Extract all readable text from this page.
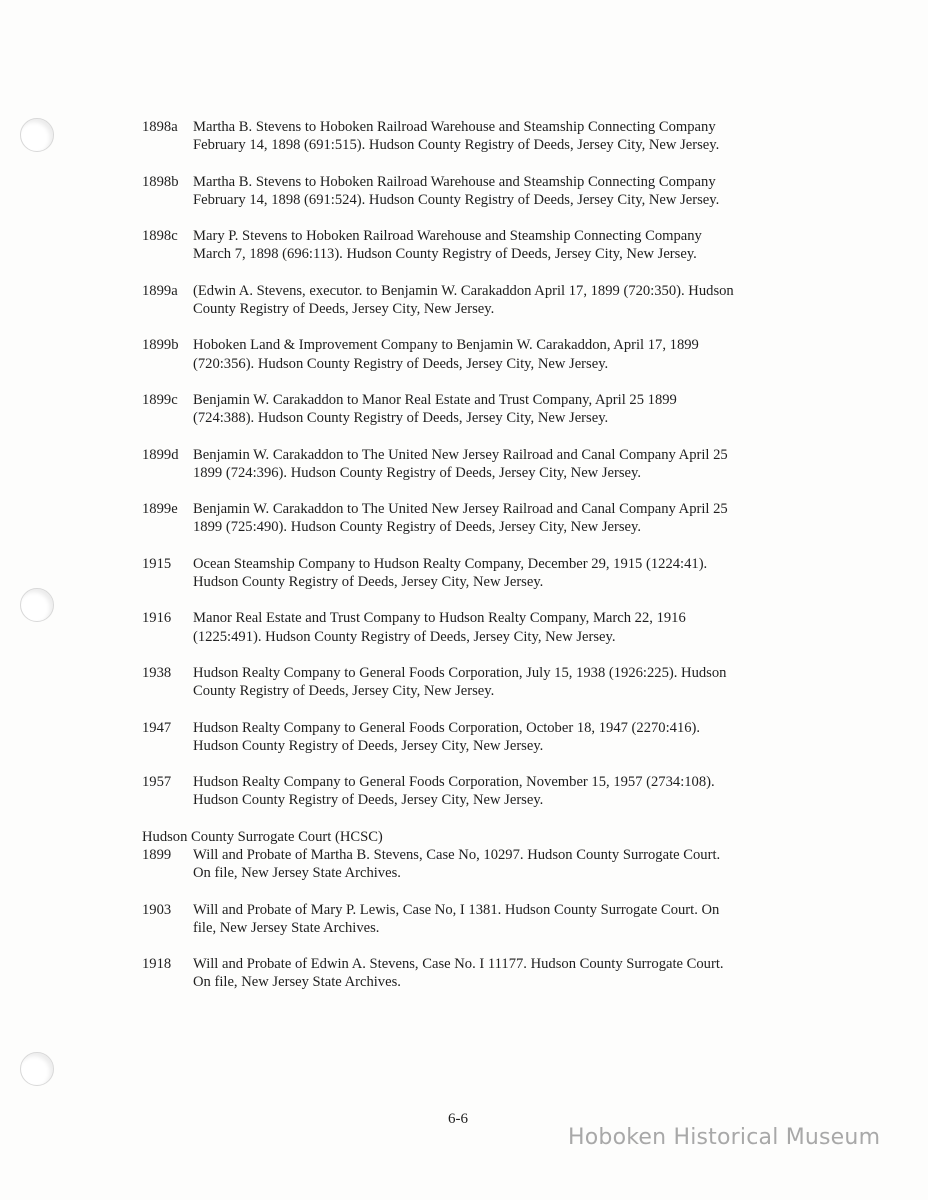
1898a	Martha B. Stevens to Hoboken Railroad Warehouse and Steamship Connecting Company
February 14, 1898 (691:515). Hudson County Registry of Deeds, Jersey City, New Jersey.
1898b Martha B. Stevens to Hoboken Railroad Warehouse and Steamship Connecting Company
February 14, 1898 (691:524). Hudson County Registry of Deeds, Jersey City, New Jersey.
1898c	Mary P. Stevens to Hoboken Railroad Warehouse and Steamship Connecting Company
March 7, 1898 (696:113). Hudson County Registry of Deeds, Jersey City, New Jersey.
1899a	(Edwin A. Stevens, executor. to Benjamin W. Carakaddon April 17, 1899 (720:350). Hudson
County Registry of Deeds, Jersey City, New Jersey.
1899b Hoboken Land & Improvement Company to Benjamin W. Carakaddon, April 17, 1899
(720:356). Hudson County Registry of Deeds, Jersey City, New Jersey.
1899c	Benjamin W. Carakaddon to Manor Real Estate and Trust Company, April 25 1899
(724:388). Hudson County Registry of Deeds, Jersey City, New Jersey.
1899d Benjamin W. Carakaddon to The United New Jersey Railroad and Canal Company April 25
1899 (724:396). Hudson County Registry of Deeds, Jersey City, New Jersey.
1899e	Benjamin W. Carakaddon to The United New Jersey Railroad and Canal Company April 25
1899 (725:490). Hudson County Registry of Deeds, Jersey City, New Jersey.
1915	Ocean Steamship Company to Hudson Realty Company, December 29, 1915 (1224:41).
Hudson County Registry of Deeds, Jersey City, New Jersey.
1916	Manor Real Estate and Trust Company to Hudson Realty Company, March 22, 1916
(1225:491). Hudson County Registry of Deeds, Jersey City, New Jersey.
1938	Hudson Realty Company to General Foods Corporation, July 15, 1938 (1926:225). Hudson
County Registry of Deeds, Jersey City, New Jersey.
1947	Hudson Realty Company to General Foods Corporation, October 18, 1947 (2270:416).
Hudson County Registry of Deeds, Jersey City, New Jersey.
1957	Hudson Realty Company to General Foods Corporation, November 15, 1957 (2734:108).
Hudson County Registry of Deeds, Jersey City, New Jersey.
Hudson County Surrogate Court (HCSC)
1899	Will and Probate of Martha B. Stevens, Case No, 10297. Hudson County Surrogate Court.
On file, New Jersey State Archives.
1903	Will and Probate of Mary P. Lewis, Case No, I 1381. Hudson County Surrogate Court. On
file, New Jersey State Archives.
1918	Will and Probate of Edwin A. Stevens, Case No. I 11177. Hudson County Surrogate Court.
On file, New Jersey State Archives.
6-6
Hoboken Historical Museum
